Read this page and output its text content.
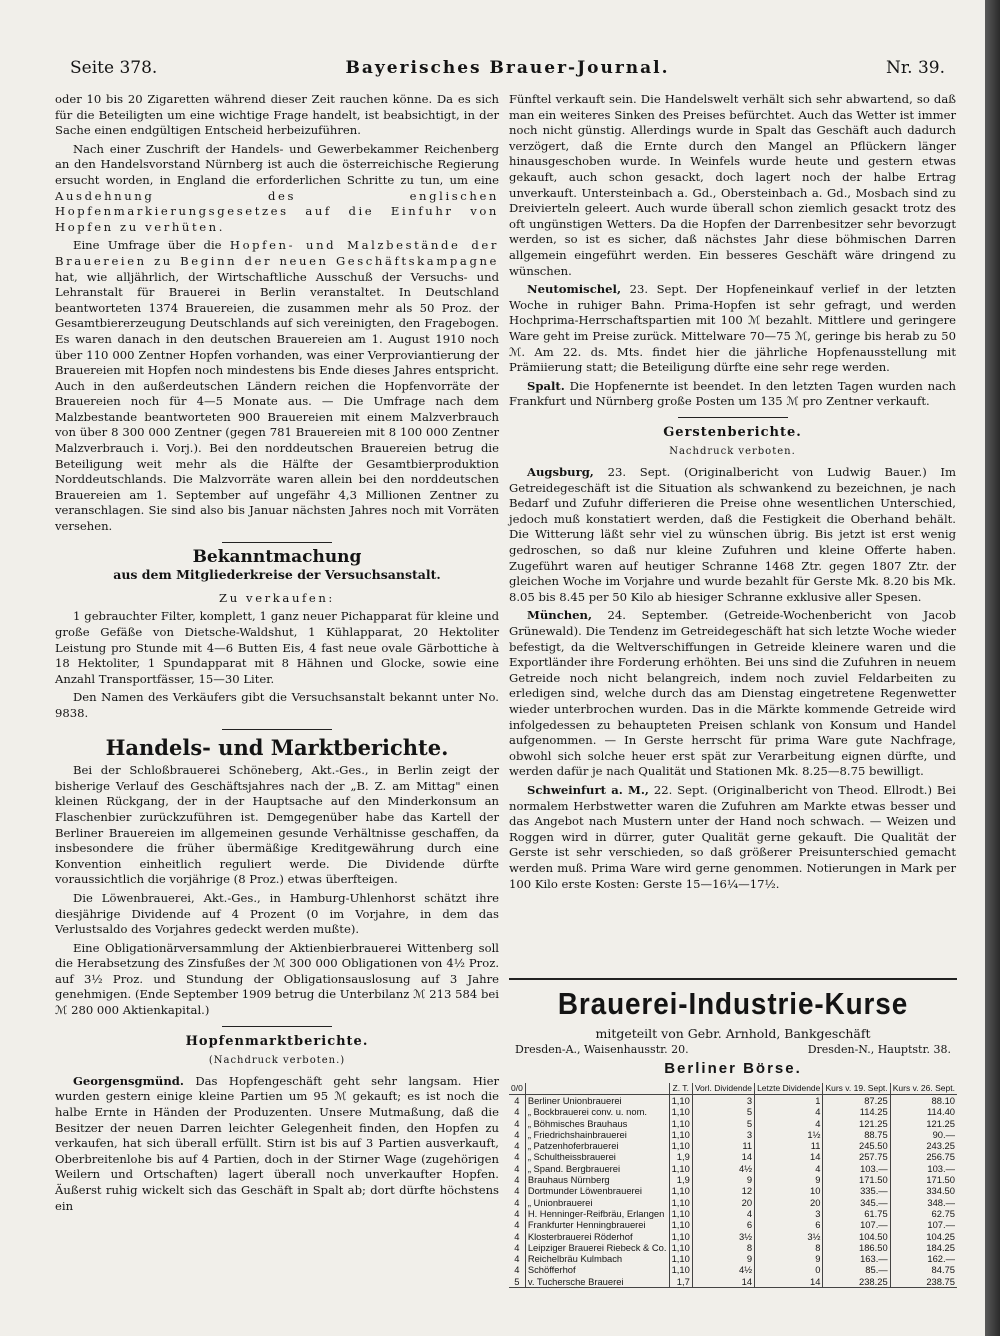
Seite 378.	Bayerisches Brauer-Journal.	Nr. 39.

oder 10 bis 20 Zigaretten während dieser Zeit rauchen könne. Da es sich für die Beteiligten um eine wichtige Frage handelt, ist beabsichtigt, in der Sache einen endgültigen Entscheid herbeizuführen.

Nach einer Zuschrift der Handels- und Gewerbekammer Reichenberg an den Handelsvorstand Nürnberg ist auch die österreichische Regierung ersucht worden, in England die erforderlichen Schritte zu tun, um eine Ausdehnung des englischen Hopfenmarkierungsgesetzes auf die Einfuhr von Hopfen zu verhüten.

Eine Umfrage über die Hopfen- und Malzbestände der Brauereien zu Beginn der neuen Geschäftskampagne hat, wie alljährlich, der Wirtschaftliche Ausschuß der Versuchs- und Lehranstalt für Brauerei in Berlin veranstaltet. In Deutschland beantworteten 1374 Brauereien, die zusammen mehr als 50 Proz. der Gesamtbiererzeugung Deutschlands auf sich vereinigten, den Fragebogen. Es waren danach in den deutschen Brauereien am 1. August 1910 noch über 110 000 Zentner Hopfen vorhanden, was einer Verproviantierung der Brauereien mit Hopfen noch mindestens bis Ende dieses Jahres entspricht. Auch in den außerdeutschen Ländern reichen die Hopfenvorräte der Brauereien noch für 4—5 Monate aus. — Die Umfrage nach dem Malzbestande beantworteten 900 Brauereien mit einem Malzverbrauch von über 8 300 000 Zentner (gegen 781 Brauereien mit 8 100 000 Zentner Malzverbrauch i. Vorj.). Bei den norddeutschen Brauereien betrug die Beteiligung weit mehr als die Hälfte der Gesamtbierproduktion Norddeutschlands. Die Malzvorräte waren allein bei den norddeutschen Brauereien am 1. September auf ungefähr 4,3 Millionen Zentner zu veranschlagen. Sie sind also bis Januar nächsten Jahres noch mit Vorräten versehen.

Bekanntmachung
aus dem Mitgliederkreise der Versuchsanstalt.
Zu verkaufen:

1 gebrauchter Filter, komplett, 1 ganz neuer Pichapparat für kleine und große Gefäße von Dietsche-Waldshut, 1 Kühlapparat, 20 Hektoliter Leistung pro Stunde mit 4—6 Butten Eis, 4 fast neue ovale Gärbottiche à 18 Hektoliter, 1 Spundapparat mit 8 Hähnen und Glocke, sowie eine Anzahl Transportfässer, 15—30 Liter.

Den Namen des Verkäufers gibt die Versuchsanstalt bekannt unter No. 9838.

Handels- und Marktberichte.

Bei der Schloßbrauerei Schöneberg, Akt.-Ges., in Berlin zeigt der bisherige Verlauf des Geschäftsjahres nach der „B. Z. am Mittag" einen kleinen Rückgang, der in der Hauptsache auf den Minderkonsum an Flaschenbier zurückzuführen ist. Demgegenüber habe das Kartell der Berliner Brauereien im allgemeinen gesunde Verhältnisse geschaffen, da insbesondere die früher übermäßige Kreditgewährung durch eine Konvention einheitlich reguliert werde. Die Dividende dürfte voraussichtlich die vorjährige (8 Proz.) etwas überfteigen.

Die Löwenbrauerei, Akt.-Ges., in Hamburg-Uhlenhorst schätzt ihre diesjährige Dividende auf 4 Prozent (0 im Vorjahre, in dem das Verlustsaldo des Vorjahres gedeckt werden mußte).

Eine Obligationärversammlung der Aktienbierbrauerei Wittenberg soll die Herabsetzung des Zinsfußes der ℳ 300 000 Obligationen von 4½ Proz. auf 3½ Proz. und Stundung der Obligationsauslosung auf 3 Jahre genehmigen. (Ende September 1909 betrug die Unterbilanz ℳ 213 584 bei ℳ 280 000 Aktienkapital.)

Hopfenmarktberichte.
(Nachdruck verboten.)

Georgensgmünd. Das Hopfengeschäft geht sehr langsam. Hier wurden gestern einige kleine Partien um 95 ℳ gekauft; es ist noch die halbe Ernte in Händen der Produzenten. Unsere Mutmaßung, daß die Besitzer der neuen Darren leichter Gelegenheit finden, den Hopfen zu verkaufen, hat sich überall erfüllt. Stirn ist bis auf 3 Partien ausverkauft, Oberbreitenlohe bis auf 4 Partien, doch in der Stirner Wage (zugehörigen Weilern und Ortschaften) lagert überall noch unverkaufter Hopfen. Äußerst ruhig wickelt sich das Geschäft in Spalt ab; dort dürfte höchstens ein

Fünftel verkauft sein. Die Handelswelt verhält sich sehr abwartend, so daß man ein weiteres Sinken des Preises befürchtet. Auch das Wetter ist immer noch nicht günstig. Allerdings wurde in Spalt das Geschäft auch dadurch verzögert, daß die Ernte durch den Mangel an Pflückern länger hinausgeschoben wurde. In Weinfels wurde heute und gestern etwas gekauft, auch schon gesackt, doch lagert noch der halbe Ertrag unverkauft. Untersteinbach a. Gd., Obersteinbach a. Gd., Mosbach sind zu Dreivierteln geleert. Auch wurde überall schon ziemlich gesackt trotz des oft ungünstigen Wetters. Da die Hopfen der Darrenbesitzer sehr bevorzugt werden, so ist es sicher, daß nächstes Jahr diese böhmischen Darren allgemein eingeführt werden. Ein besseres Geschäft wäre dringend zu wünschen.

Neutomischel, 23. Sept. Der Hopfeneinkauf verlief in der letzten Woche in ruhiger Bahn. Prima-Hopfen ist sehr gefragt, und werden Hochprima-Herrschaftspartien mit 100 ℳ bezahlt. Mittlere und geringere Ware geht im Preise zurück. Mittelware 70—75 ℳ, geringe bis herab zu 50 ℳ. Am 22. ds. Mts. findet hier die jährliche Hopfenausstellung mit Prämiierung statt; die Beteiligung dürfte eine sehr rege werden.

Spalt. Die Hopfenernte ist beendet. In den letzten Tagen wurden nach Frankfurt und Nürnberg große Posten um 135 ℳ pro Zentner verkauft.

Gerstenberichte.
Nachdruck verboten.

Augsburg, 23. Sept. (Originalbericht von Ludwig Bauer.) Im Getreidegeschäft ist die Situation als schwankend zu bezeichnen, je nach Bedarf und Zufuhr differieren die Preise ohne wesentlichen Unterschied, jedoch muß konstatiert werden, daß die Festigkeit die Oberhand behält. Die Witterung läßt sehr viel zu wünschen übrig. Bis jetzt ist erst wenig gedroschen, so daß nur kleine Zufuhren und kleine Offerte haben. Zugeführt waren auf heutiger Schranne 1468 Ztr. gegen 1807 Ztr. der gleichen Woche im Vorjahre und wurde bezahlt für Gerste Mk. 8.20 bis Mk. 8.05 bis 8.45 per 50 Kilo ab hiesiger Schranne exklusive aller Spesen.

München, 24. September. (Getreide-Wochenbericht von Jacob Grünewald). Die Tendenz im Getreidegeschäft hat sich letzte Woche wieder befestigt, da die Weltverschiffungen in Getreide kleinere waren und die Exportländer ihre Forderung erhöhten. Bei uns sind die Zufuhren in neuem Getreide noch nicht belangreich, indem noch zuviel Feldarbeiten zu erledigen sind, welche durch das am Dienstag eingetretene Regenwetter wieder unterbrochen wurden. Das in die Märkte kommende Getreide wird infolgedessen zu behaupteten Preisen schlank von Konsum und Handel aufgenommen. — In Gerste herrscht für prima Ware gute Nachfrage, obwohl sich solche heuer erst spät zur Verarbeitung eignen dürfte, und werden dafür je nach Qualität und Stationen Mk. 8.25—8.75 bewilligt.

Schweinfurt a. M., 22. Sept. (Originalbericht von Theod. Ellrodt.) Bei normalem Herbstwetter waren die Zufuhren am Markte etwas besser und das Angebot nach Mustern unter der Hand noch schwach. — Weizen und Roggen wird in dürrer, guter Qualität gerne gekauft. Die Qualität der Gerste ist sehr verschieden, so daß größerer Preisunterschied gemacht werden muß. Prima Ware wird gerne genommen. Notierungen in Mark per 100 Kilo erste Kosten: Gerste 15—16¼—17½.

Brauerei-Industrie-Kurse
mitgeteilt von Gebr. Arnhold, Bankgeschäft
Dresden-A., Waisenhausstr. 20.	Dresden-N., Hauptstr. 38.
Berliner Börse.
0/0		Z. T.	Vorl. Dividende	Letzte Dividende	Kurs v. 19. Sept.	Kurs v. 26. Sept.
4	Berliner Unionbrauerei	1,10	3	1	87.25	88.10
4	„ Bockbrauerei conv. u. nom.	1,10	5	4	114.25	114.40
4	„ Böhmisches Brauhaus	1,10	5	4	121.25	121.25
4	„ Friedrichshainbrauerei	1,10	3	1½	88.75	90.—
4	„ Patzenhoferbrauerei	1,10	11	11	245.50	243.25
4	„ Schultheissbrauerei	1,9	14	14	257.75	256.75
4	„ Spand. Bergbrauerei	1,10	4½	4	103.—	103.—
4	Brauhaus Nürnberg	1,9	9	9	171.50	171.50
4	Dortmunder Löwenbrauerei	1,10	12	10	335.—	334.50
4	„ Unionbrauerei	1,10	20	20	345.—	348.—
4	H. Henninger-Reifbräu, Erlangen	1,10	4	3	61.75	62.75
4	Frankfurter Henningbrauerei	1,10	6	6	107.—	107.—
4	Klosterbrauerei Röderhof	1,10	3½	3½	104.50	104.25
4	Leipziger Brauerei Riebeck & Co.	1,10	8	8	186.50	184.25
4	Reichelbräu Kulmbach	1,10	9	9	163.—	162.—
4	Schöfferhof	1,10	4½	0	85.—	84.75
5	v. Tuchersche Brauerei	1,7	14	14	238.25	238.75
